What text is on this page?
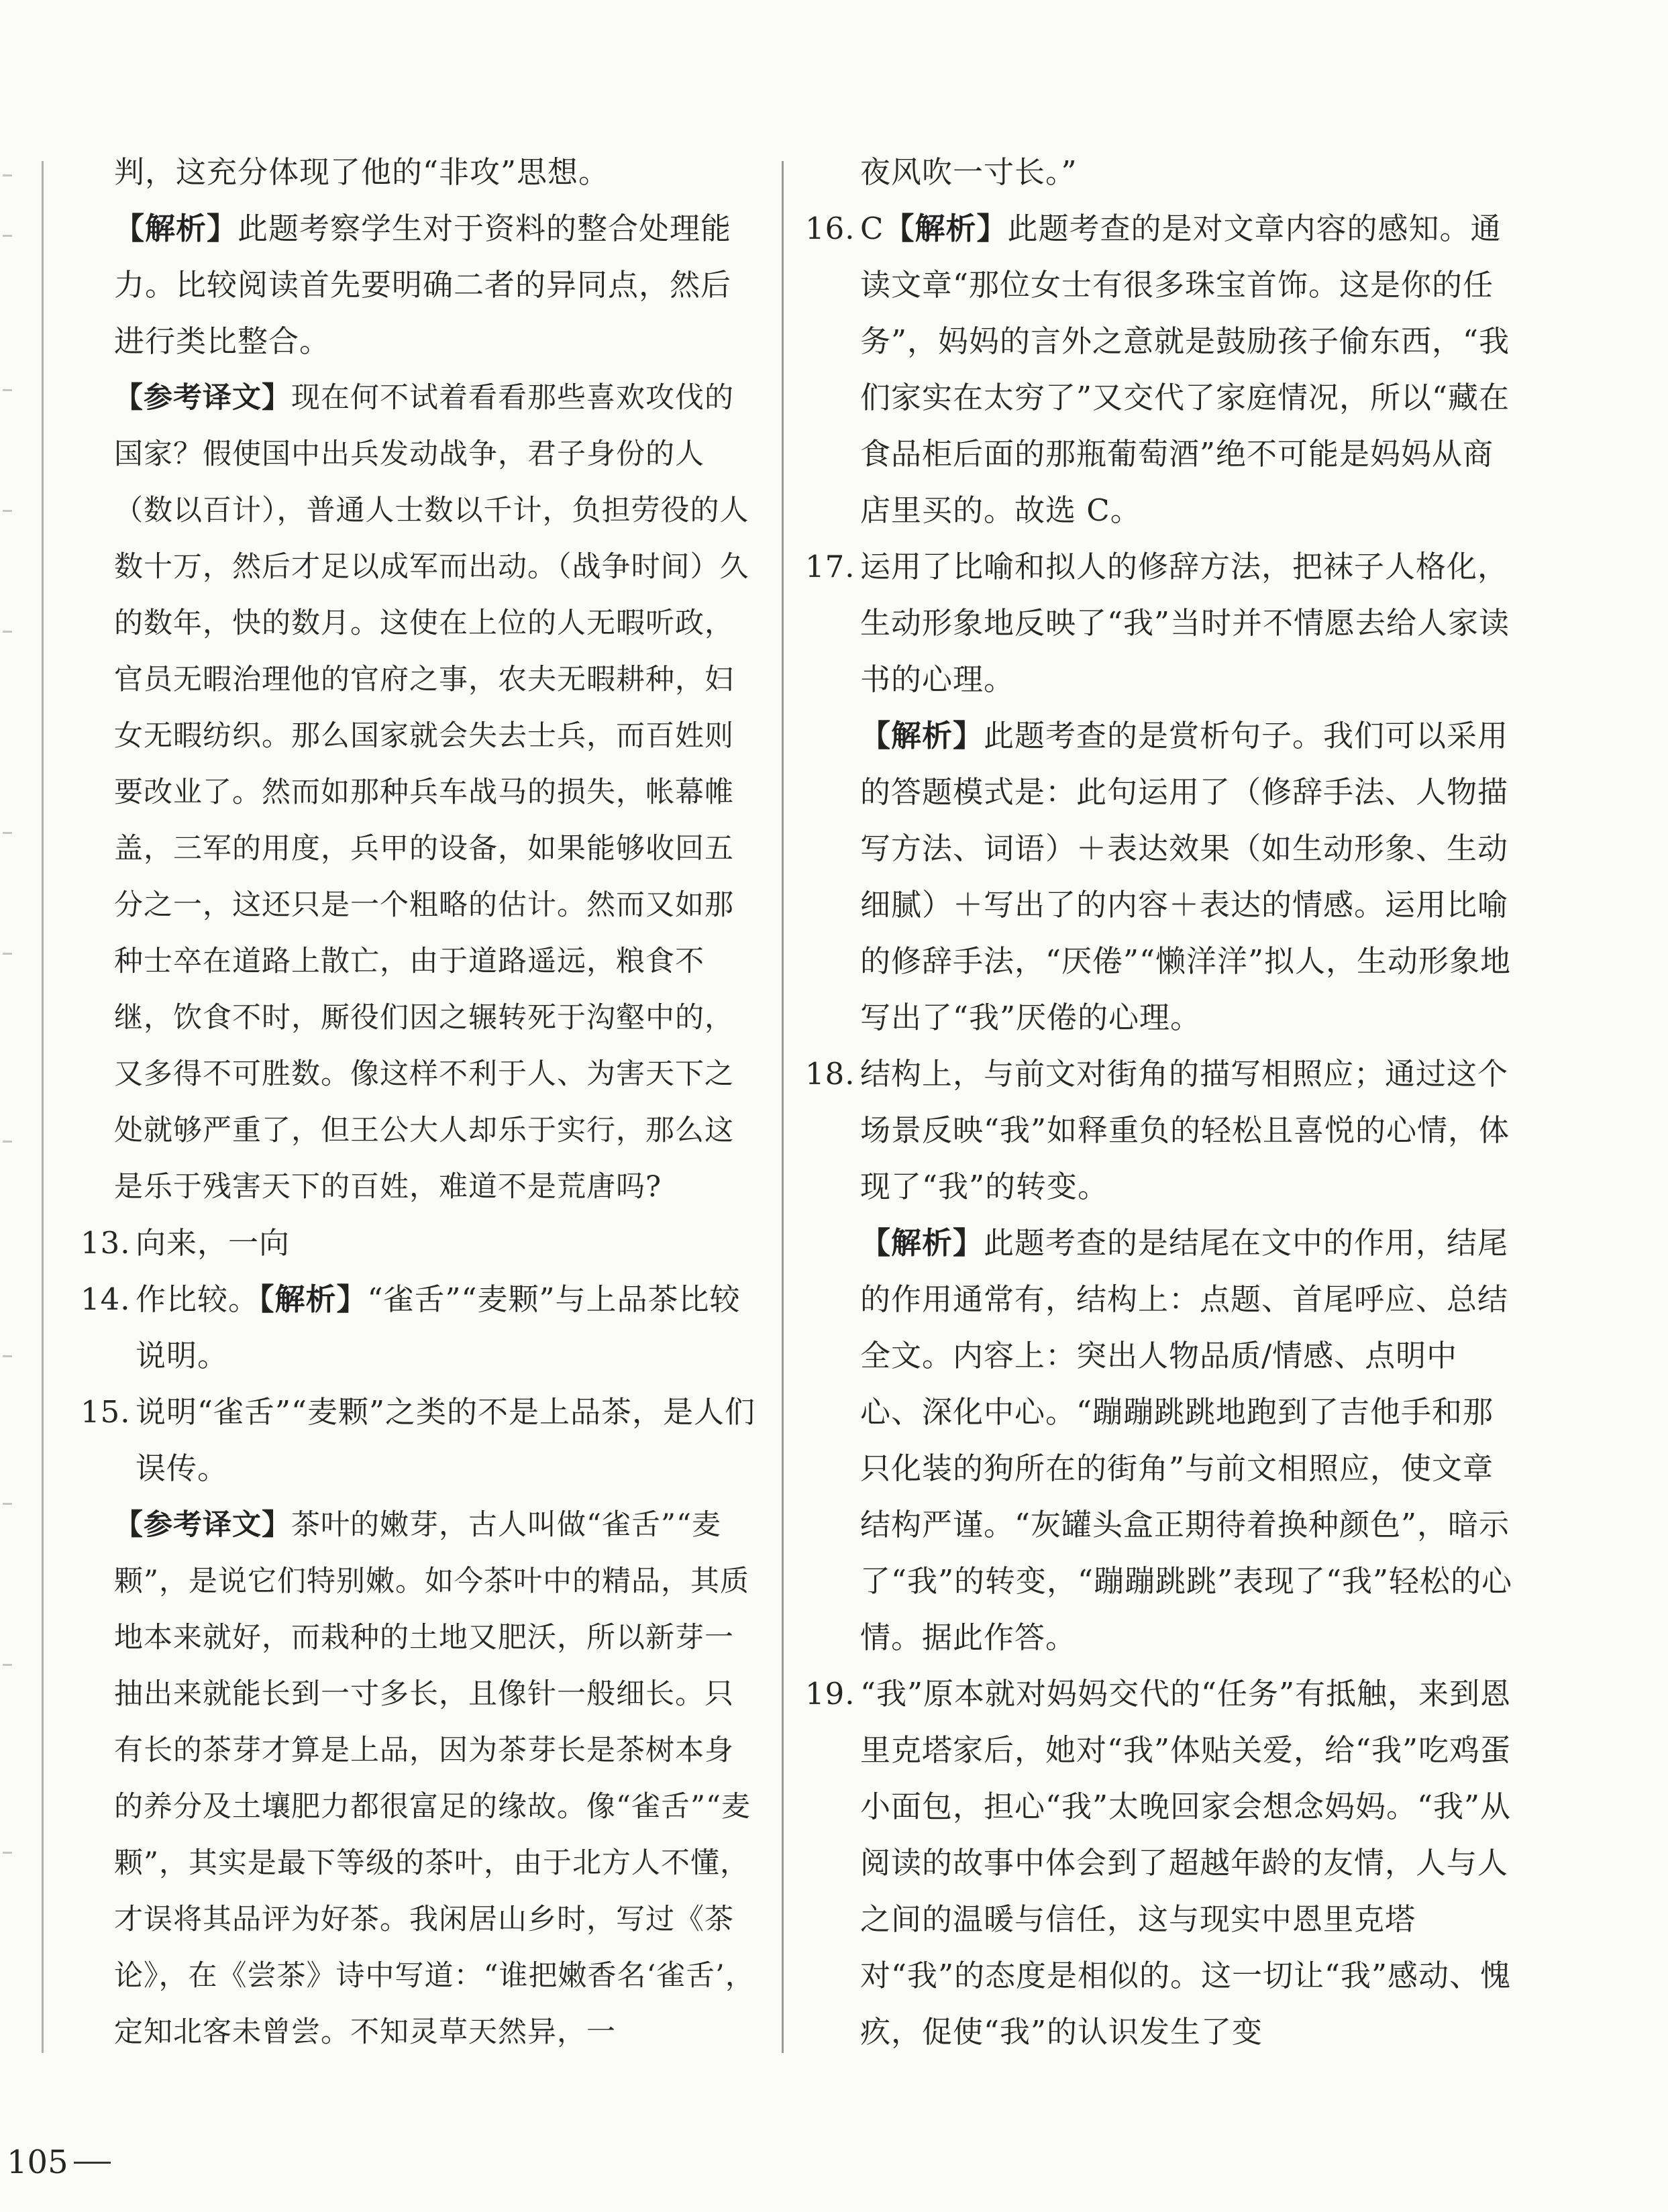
判，这充分体现了他的“非攻”思想。

【解析】此题考察学生对于资料的整合处理能力。比较阅读首先要明确二者的异同点，然后进行类比整合。

【参考译文】现在何不试着看看那些喜欢攻伐的国家？假使国中出兵发动战争，君子身份的人（数以百计），普通人士数以千计，负担劳役的人数十万，然后才足以成军而出动。（战争时间）久的数年，快的数月。这使在上位的人无暇听政，官员无暇治理他的官府之事，农夫无暇耕种，妇女无暇纺织。那么国家就会失去士兵，而百姓则要改业了。然而如那种兵车战马的损失，帐幕帷盖，三军的用度，兵甲的设备，如果能够收回五分之一，这还只是一个粗略的估计。然而又如那种士卒在道路上散亡，由于道路遥远，粮食不继，饮食不时，厮役们因之辗转死于沟壑中的，又多得不可胜数。像这样不利于人、为害天下之处就够严重了，但王公大人却乐于实行，那么这是乐于残害天下的百姓，难道不是荒唐吗?

13. 向来，一向

14. 作比较。【解析】“雀舌”“麦颗”与上品茶比较说明。

15. 说明“雀舌”“麦颗”之类的不是上品茶，是人们误传。

【参考译文】茶叶的嫩芽，古人叫做“雀舌”“麦颗”，是说它们特别嫩。如今茶叶中的精品，其质地本来就好，而栽种的土地又肥沃，所以新芽一抽出来就能长到一寸多长，且像针一般细长。只有长的茶芽才算是上品，因为茶芽长是茶树本身的养分及土壤肥力都很富足的缘故。像“雀舌”“麦颗”，其实是最下等级的茶叶，由于北方人不懂，才误将其品评为好茶。我闲居山乡时，写过《茶论》，在《尝茶》诗中写道：“谁把嫩香名‘雀舌’，定知北客未曾尝。不知灵草天然异，一

夜风吹一寸长。”

16. C【解析】此题考查的是对文章内容的感知。通读文章“那位女士有很多珠宝首饰。这是你的任务”，妈妈的言外之意就是鼓励孩子偷东西，“我们家实在太穷了”又交代了家庭情况，所以“藏在食品柜后面的那瓶葡萄酒”绝不可能是妈妈从商店里买的。故选 C。

17. 运用了比喻和拟人的修辞方法，把袜子人格化，生动形象地反映了“我”当时并不情愿去给人家读书的心理。

【解析】此题考查的是赏析句子。我们可以采用的答题模式是：此句运用了（修辞手法、人物描写方法、词语）＋表达效果（如生动形象、生动细腻）＋写出了的内容＋表达的情感。运用比喻的修辞手法，“厌倦”“懒洋洋”拟人，生动形象地写出了“我”厌倦的心理。

18. 结构上，与前文对街角的描写相照应；通过这个场景反映“我”如释重负的轻松且喜悦的心情，体现了“我”的转变。

【解析】此题考查的是结尾在文中的作用，结尾的作用通常有，结构上：点题、首尾呼应、总结全文。内容上：突出人物品质/情感、点明中心、深化中心。“蹦蹦跳跳地跑到了吉他手和那只化装的狗所在的街角”与前文相照应，使文章结构严谨。“灰罐头盒正期待着换种颜色”，暗示了“我”的转变，“蹦蹦跳跳”表现了“我”轻松的心情。据此作答。

19. “我”原本就对妈妈交代的“任务”有抵触，来到恩里克塔家后，她对“我”体贴关爱，给“我”吃鸡蛋小面包，担心“我”太晚回家会想念妈妈。“我”从阅读的故事中体会到了超越年龄的友情，人与人之间的温暖与信任，这与现实中恩里克塔对“我”的态度是相似的。这一切让“我”感动、愧疚，促使“我”的认识发生了变

105
